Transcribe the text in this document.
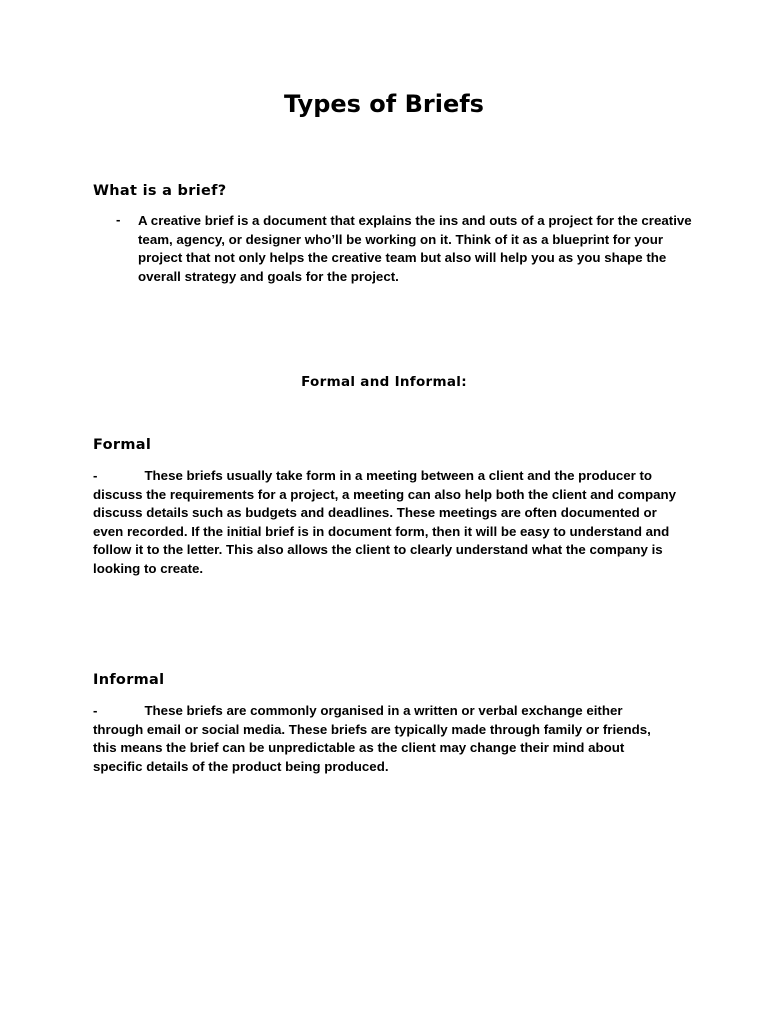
Types of Briefs
What is a brief?
- A creative brief is a document that explains the ins and outs of a project for the creative team, agency, or designer who’ll be working on it. Think of it as a blueprint for your project that not only helps the creative team but also will help you as you shape the overall strategy and goals for the project.

Formal and Informal:
Formal

-	These briefs usually take form in a meeting between a client and the producer to discuss the requirements for a project, a meeting can also help both the client and company discuss details such as budgets and deadlines. These meetings are often documented or even recorded. If the initial brief is in document form, then it will be easy to understand and follow it to the letter. This also allows the client to clearly understand what the company is looking to create.

Informal

-	These briefs are commonly organised in a written or verbal exchange either through email or social media. These briefs are typically made through family or friends, this means the brief can be unpredictable as the client may change their mind about specific details of the product being produced.
